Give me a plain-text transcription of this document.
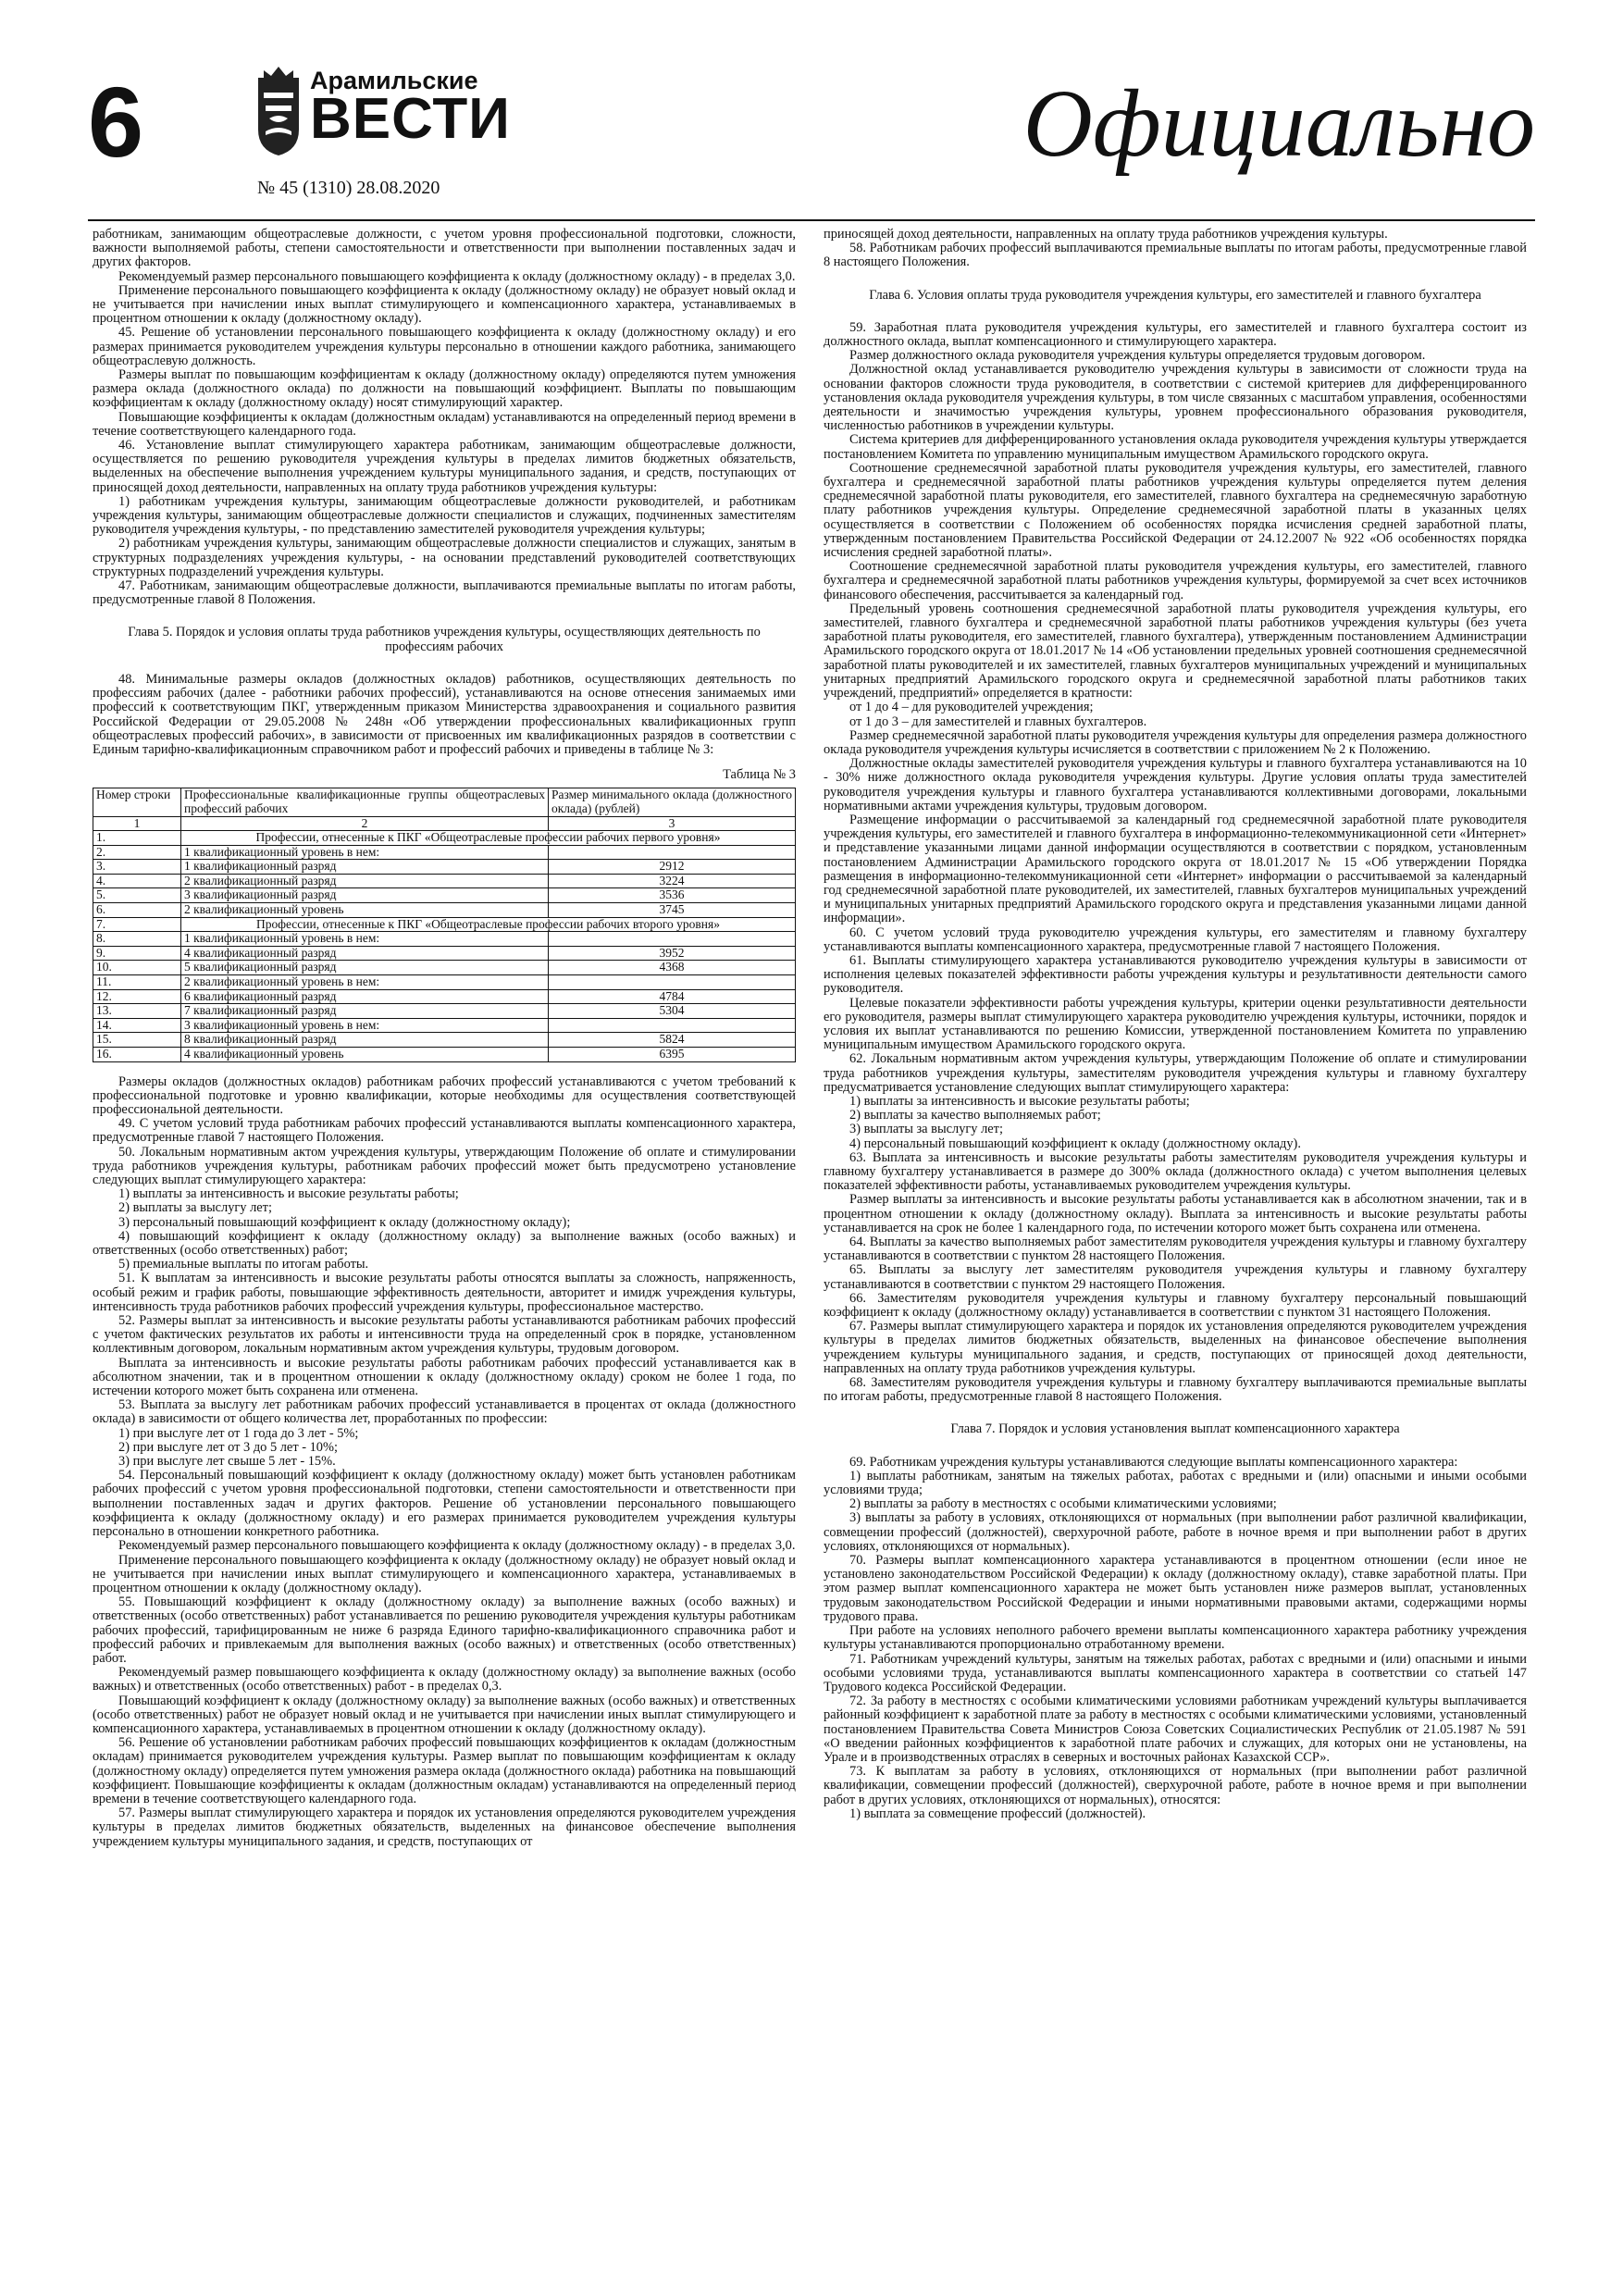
6	Арамильские
ВЕСТИ
№ 45 (1310) 28.08.2020
Официально

работникам, занимающим общеотраслевые должности, с учетом уровня профессиональной подготовки, сложности, важности выполняемой работы, степени самостоятельности и ответственности при выполнении поставленных задач и других факторов.

Рекомендуемый размер персонального повышающего коэффициента к окладу (должностному окладу) - в пределах 3,0.

Применение персонального повышающего коэффициента к окладу (должностному окладу) не образует новый оклад и не учитывается при начислении иных выплат стимулирующего и компенсационного характера, устанавливаемых в процентном отношении к окладу (должностному окладу).

45. Решение об установлении персонального повышающего коэффициента к окладу (должностному окладу) и его размерах принимается руководителем учреждения культуры персонально в отношении каждого работника, занимающего общеотраслевую должность.

Размеры выплат по повышающим коэффициентам к окладу (должностному окладу) определяются путем умножения размера оклада (должностного оклада) по должности на повышающий коэффициент. Выплаты по повышающим коэффициентам к окладу (должностному окладу) носят стимулирующий характер.

Повышающие коэффициенты к окладам (должностным окладам) устанавливаются на определенный период времени в течение соответствующего календарного года.

46. Установление выплат стимулирующего характера работникам, занимающим общеотраслевые должности, осуществляется по решению руководителя учреждения культуры в пределах лимитов бюджетных обязательств, выделенных на обеспечение выполнения учреждением культуры муниципального задания, и средств, поступающих от приносящей доход деятельности, направленных на оплату труда работников учреждения культуры:

1) работникам учреждения культуры, занимающим общеотраслевые должности руководителей, и работникам учреждения культуры, занимающим общеотраслевые должности специалистов и служащих, подчиненных заместителям руководителя учреждения культуры, - по представлению заместителей руководителя учреждения культуры;

2) работникам учреждения культуры, занимающим общеотраслевые должности специалистов и служащих, занятым в структурных подразделениях учреждения культуры, - на основании представлений руководителей соответствующих структурных подразделений учреждения культуры.

47. Работникам, занимающим общеотраслевые должности, выплачиваются премиальные выплаты по итогам работы, предусмотренные главой 8 Положения.

Глава 5. Порядок и условия оплаты труда работников учреждения культуры, осуществляющих деятельность по профессиям рабочих

48. Минимальные размеры окладов (должностных окладов) работников, осуществляющих деятельность по профессиям рабочих (далее - работники рабочих профессий), устанавливаются на основе отнесения занимаемых ими профессий к соответствующим ПКГ, утвержденным приказом Министерства здравоохранения и социального развития Российской Федерации от 29.05.2008 № 248н «Об утверждении профессиональных квалификационных групп общеотраслевых профессий рабочих», в зависимости от присвоенных им квалификационных разрядов в соответствии с Единым тарифно-квалификационным справочником работ и профессий рабочих и приведены в таблице № 3:

Таблица № 3

Номер строки	Профессиональные квалификационные группы общеотраслевых профессий рабочих	Размер минимального оклада (должностного оклада) (рублей)
1	2	3
1.	Профессии, отнесенные к ПКГ «Общеотраслевые профессии рабочих первого уровня»	
2.	1 квалификационный уровень в нем:	
3.	1 квалификационный разряд	2912
4.	2 квалификационный разряд	3224
5.	3 квалификационный разряд	3536
6.	2 квалификационный уровень	3745
7.	Профессии, отнесенные к ПКГ «Общеотраслевые профессии рабочих второго уровня»	
8.	1 квалификационный уровень в нем:	
9.	4 квалификационный разряд	3952
10.	5 квалификационный разряд	4368
11.	2 квалификационный уровень в нем:	
12.	6 квалификационный разряд	4784
13.	7 квалификационный разряд	5304
14.	3 квалификационный уровень в нем:	
15.	8 квалификационный разряд	5824
16.	4 квалификационный уровень	6395

Размеры окладов (должностных окладов) работникам рабочих профессий устанавливаются с учетом требований к профессиональной подготовке и уровню квалификации, которые необходимы для осуществления соответствующей профессиональной деятельности.

49. С учетом условий труда работникам рабочих профессий устанавливаются выплаты компенсационного характера, предусмотренные главой 7 настоящего Положения.

50. Локальным нормативным актом учреждения культуры, утверждающим Положение об оплате и стимулировании труда работников учреждения культуры, работникам рабочих профессий может быть предусмотрено установление следующих выплат стимулирующего характера:

1) выплаты за интенсивность и высокие результаты работы;

2) выплаты за выслугу лет;

3) персональный повышающий коэффициент к окладу (должностному окладу);

4) повышающий коэффициент к окладу (должностному окладу) за выполнение важных (особо важных) и ответственных (особо ответственных) работ;

5) премиальные выплаты по итогам работы.

51. К выплатам за интенсивность и высокие результаты работы относятся выплаты за сложность, напряженность, особый режим и график работы, повышающие эффективность деятельности, авторитет и имидж учреждения культуры, интенсивность труда работников рабочих профессий учреждения культуры, профессиональное мастерство.

52. Размеры выплат за интенсивность и высокие результаты работы устанавливаются работникам рабочих профессий с учетом фактических результатов их работы и интенсивности труда на определенный срок в порядке, установленном коллективным договором, локальным нормативным актом учреждения культуры, трудовым договором.

Выплата за интенсивность и высокие результаты работы работникам рабочих профессий устанавливается как в абсолютном значении, так и в процентном отношении к окладу (должностному окладу) сроком не более 1 года, по истечении которого может быть сохранена или отменена.

53. Выплата за выслугу лет работникам рабочих профессий устанавливается в процентах от оклада (должностного оклада) в зависимости от общего количества лет, проработанных по профессии:

1) при выслуге лет от 1 года до 3 лет - 5%;

2) при выслуге лет от 3 до 5 лет - 10%;

3) при выслуге лет свыше 5 лет - 15%.

54. Персональный повышающий коэффициент к окладу (должностному окладу) может быть установлен работникам рабочих профессий с учетом уровня профессиональной подготовки, степени самостоятельности и ответственности при выполнении поставленных задач и других факторов. Решение об установлении персонального повышающего коэффициента к окладу (должностному окладу) и его размерах принимается руководителем учреждения культуры персонально в отношении конкретного работника.

Рекомендуемый размер персонального повышающего коэффициента к окладу (должностному окладу) - в пределах 3,0.

Применение персонального повышающего коэффициента к окладу (должностному окладу) не образует новый оклад и не учитывается при начислении иных выплат стимулирующего и компенсационного характера, устанавливаемых в процентном отношении к окладу (должностному окладу).

55. Повышающий коэффициент к окладу (должностному окладу) за выполнение важных (особо важных) и ответственных (особо ответственных) работ устанавливается по решению руководителя учреждения культуры работникам рабочих профессий, тарифицированным не ниже 6 разряда Единого тарифно-квалификационного справочника работ и профессий рабочих и привлекаемым для выполнения важных (особо важных) и ответственных (особо ответственных) работ.

Рекомендуемый размер повышающего коэффициента к окладу (должностному окладу) за выполнение важных (особо важных) и ответственных (особо ответственных) работ - в пределах 0,3.

Повышающий коэффициент к окладу (должностному окладу) за выполнение важных (особо важных) и ответственных (особо ответственных) работ не образует новый оклад и не учитывается при начислении иных выплат стимулирующего и компенсационного характера, устанавливаемых в процентном отношении к окладу (должностному окладу).

56. Решение об установлении работникам рабочих профессий повышающих коэффициентов к окладам (должностным окладам) принимается руководителем учреждения культуры. Размер выплат по повышающим коэффициентам к окладу (должностному окладу) определяется путем умножения размера оклада (должностного оклада) работника на повышающий коэффициент. Повышающие коэффициенты к окладам (должностным окладам) устанавливаются на определенный период времени в течение соответствующего календарного года.

57. Размеры выплат стимулирующего характера и порядок их установления определяются руководителем учреждения культуры в пределах лимитов бюджетных обязательств, выделенных на финансовое обеспечение выполнения учреждением культуры муниципального задания, и средств, поступающих от

приносящей доход деятельности, направленных на оплату труда работников учреждения культуры.

58. Работникам рабочих профессий выплачиваются премиальные выплаты по итогам работы, предусмотренные главой 8 настоящего Положения.

Глава 6. Условия оплаты труда руководителя учреждения культуры, его заместителей и главного бухгалтера

59. Заработная плата руководителя учреждения культуры, его заместителей и главного бухгалтера состоит из должностного оклада, выплат компенсационного и стимулирующего характера.

Размер должностного оклада руководителя учреждения культуры определяется трудовым договором.

Должностной оклад устанавливается руководителю учреждения культуры в зависимости от сложности труда на основании факторов сложности труда руководителя, в соответствии с системой критериев для дифференцированного установления оклада руководителя учреждения культуры, в том числе связанных с масштабом управления, особенностями деятельности и значимостью учреждения культуры, уровнем профессионального образования руководителя, численностью работников в учреждении культуры.

Система критериев для дифференцированного установления оклада руководителя учреждения культуры утверждается постановлением Комитета по управлению муниципальным имуществом Арамильского городского округа.

Соотношение среднемесячной заработной платы руководителя учреждения культуры, его заместителей, главного бухгалтера и среднемесячной заработной платы работников учреждения культуры определяется путем деления среднемесячной заработной платы руководителя, его заместителей, главного бухгалтера на среднемесячную заработную плату работников учреждения культуры. Определение среднемесячной заработной платы в указанных целях осуществляется в соответствии с Положением об особенностях порядка исчисления средней заработной платы, утвержденным постановлением Правительства Российской Федерации от 24.12.2007 № 922 «Об особенностях порядка исчисления средней заработной платы».

Соотношение среднемесячной заработной платы руководителя учреждения культуры, его заместителей, главного бухгалтера и среднемесячной заработной платы работников учреждения культуры, формируемой за счет всех источников финансового обеспечения, рассчитывается за календарный год.

Предельный уровень соотношения среднемесячной заработной платы руководителя учреждения культуры, его заместителей, главного бухгалтера и среднемесячной заработной платы работников учреждения культуры (без учета заработной платы руководителя, его заместителей, главного бухгалтера), утвержденным постановлением Администрации Арамильского городского округа от 18.01.2017 № 14 «Об установлении предельных уровней соотношения среднемесячной заработной платы руководителей и их заместителей, главных бухгалтеров муниципальных учреждений и муниципальных унитарных предприятий Арамильского городского округа и среднемесячной заработной платы работников таких учреждений, предприятий» определяется в кратности:

от 1 до 4 – для руководителей учреждения;

от 1 до 3 – для заместителей и главных бухгалтеров.

Размер среднемесячной заработной платы руководителя учреждения культуры для определения размера должностного оклада руководителя учреждения культуры исчисляется в соответствии с приложением № 2 к Положению.

Должностные оклады заместителей руководителя учреждения культуры и главного бухгалтера устанавливаются на 10 - 30% ниже должностного оклада руководителя учреждения культуры. Другие условия оплаты труда заместителей руководителя учреждения культуры и главного бухгалтера устанавливаются коллективными договорами, локальными нормативными актами учреждения культуры, трудовым договором.

Размещение информации о рассчитываемой за календарный год среднемесячной заработной плате руководителя учреждения культуры, его заместителей и главного бухгалтера в информационно-телекоммуникационной сети «Интернет» и представление указанными лицами данной информации осуществляются в соответствии с порядком, установленным постановлением Администрации Арамильского городского округа от 18.01.2017 № 15 «Об утверждении Порядка размещения в информационно-телекоммуникационной сети «Интернет» информации о рассчитываемой за календарный год среднемесячной заработной плате руководителей, их заместителей, главных бухгалтеров муниципальных учреждений и муниципальных унитарных предприятий Арамильского городского округа и представления указанными лицами данной информации».

60. С учетом условий труда руководителю учреждения культуры, его заместителям и главному бухгалтеру устанавливаются выплаты компенсационного характера, предусмотренные главой 7 настоящего Положения.

61. Выплаты стимулирующего характера устанавливаются руководителю учреждения культуры в зависимости от исполнения целевых показателей эффективности работы учреждения культуры и результативности деятельности самого руководителя.

Целевые показатели эффективности работы учреждения культуры, критерии оценки результативности деятельности его руководителя, размеры выплат стимулирующего характера руководителю учреждения культуры, источники, порядок и условия их выплат устанавливаются по решению Комиссии, утвержденной постановлением Комитета по управлению муниципальным имуществом Арамильского городского округа.

62. Локальным нормативным актом учреждения культуры, утверждающим Положение об оплате и стимулировании труда работников учреждения культуры, заместителям руководителя учреждения культуры и главному бухгалтеру предусматривается установление следующих выплат стимулирующего характера:

1) выплаты за интенсивность и высокие результаты работы;

2) выплаты за качество выполняемых работ;

3) выплаты за выслугу лет;

4) персональный повышающий коэффициент к окладу (должностному окладу).

63. Выплата за интенсивность и высокие результаты работы заместителям руководителя учреждения культуры и главному бухгалтеру устанавливается в размере до 300% оклада (должностного оклада) с учетом выполнения целевых показателей эффективности работы, устанавливаемых руководителем учреждения культуры.

Размер выплаты за интенсивность и высокие результаты работы устанавливается как в абсолютном значении, так и в процентном отношении к окладу (должностному окладу). Выплата за интенсивность и высокие результаты работы устанавливается на срок не более 1 календарного года, по истечении которого может быть сохранена или отменена.

64. Выплаты за качество выполняемых работ заместителям руководителя учреждения культуры и главному бухгалтеру устанавливаются в соответствии с пунктом 28 настоящего Положения.

65. Выплаты за выслугу лет заместителям руководителя учреждения культуры и главному бухгалтеру устанавливаются в соответствии с пунктом 29 настоящего Положения.

66. Заместителям руководителя учреждения культуры и главному бухгалтеру персональный повышающий коэффициент к окладу (должностному окладу) устанавливается в соответствии с пунктом 31 настоящего Положения.

67. Размеры выплат стимулирующего характера и порядок их установления определяются руководителем учреждения культуры в пределах лимитов бюджетных обязательств, выделенных на финансовое обеспечение выполнения учреждением культуры муниципального задания, и средств, поступающих от приносящей доход деятельности, направленных на оплату труда работников учреждения культуры.

68. Заместителям руководителя учреждения культуры и главному бухгалтеру выплачиваются премиальные выплаты по итогам работы, предусмотренные главой 8 настоящего Положения.

Глава 7. Порядок и условия установления выплат компенсационного характера

69. Работникам учреждения культуры устанавливаются следующие выплаты компенсационного характера:

1) выплаты работникам, занятым на тяжелых работах, работах с вредными и (или) опасными и иными особыми условиями труда;

2) выплаты за работу в местностях с особыми климатическими условиями;

3) выплаты за работу в условиях, отклоняющихся от нормальных (при выполнении работ различной квалификации, совмещении профессий (должностей), сверхурочной работе, работе в ночное время и при выполнении работ в других условиях, отклоняющихся от нормальных).

70. Размеры выплат компенсационного характера устанавливаются в процентном отношении (если иное не установлено законодательством Российской Федерации) к окладу (должностному окладу), ставке заработной платы. При этом размер выплат компенсационного характера не может быть установлен ниже размеров выплат, установленных трудовым законодательством Российской Федерации и иными нормативными правовыми актами, содержащими нормы трудового права.

При работе на условиях неполного рабочего времени выплаты компенсационного характера работнику учреждения культуры устанавливаются пропорционально отработанному времени.

71. Работникам учреждений культуры, занятым на тяжелых работах, работах с вредными и (или) опасными и иными особыми условиями труда, устанавливаются выплаты компенсационного характера в соответствии со статьей 147 Трудового кодекса Российской Федерации.

72. За работу в местностях с особыми климатическими условиями работникам учреждений культуры выплачивается районный коэффициент к заработной плате за работу в местностях с особыми климатическими условиями, установленный постановлением Правительства Совета Министров Союза Советских Социалистических Республик от 21.05.1987 № 591 «О введении районных коэффициентов к заработной плате рабочих и служащих, для которых они не установлены, на Урале и в производственных отраслях в северных и восточных районах Казахской ССР».

73. К выплатам за работу в условиях, отклоняющихся от нормальных (при выполнении работ различной квалификации, совмещении профессий (должностей), сверхурочной работе, работе в ночное время и при выполнении работ в других условиях, отклоняющихся от нормальных), относятся:

1) выплата за совмещение профессий (должностей).
